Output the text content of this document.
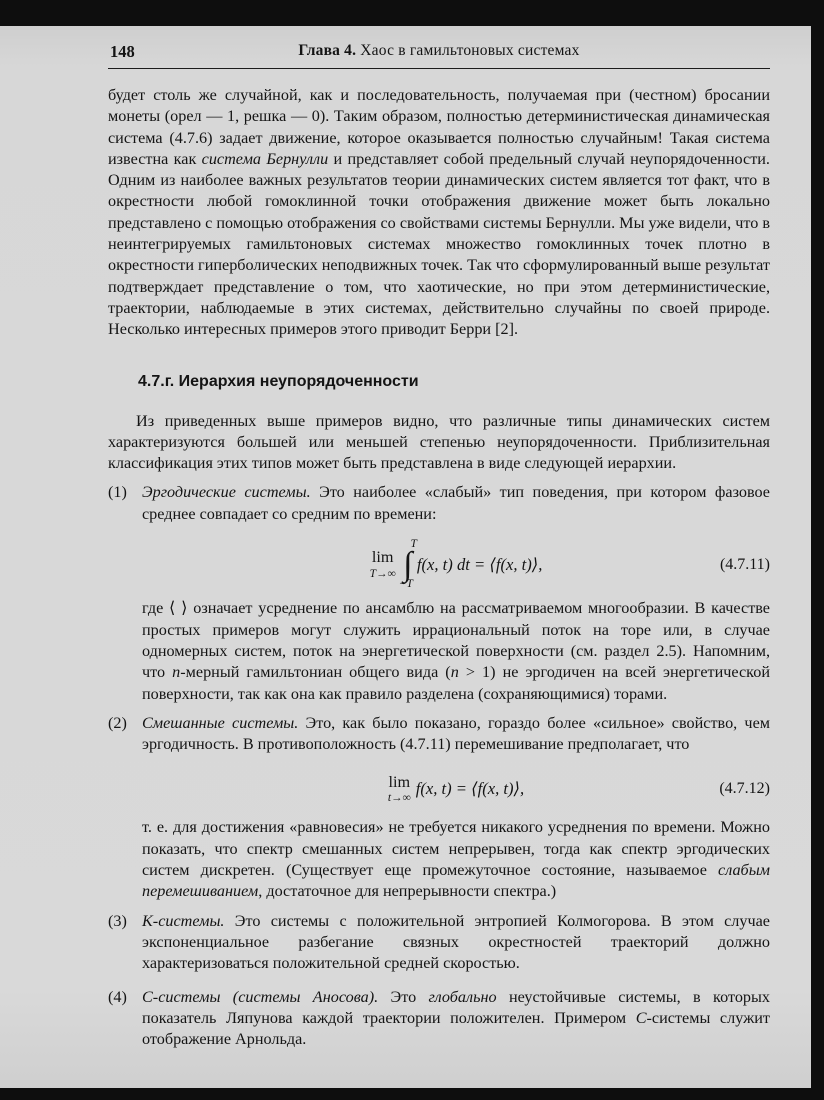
148	Глава 4. Хаос в гамильтоновых системах

будет столь же случайной, как и последовательность, получаемая при (честном) бросании монеты (орел — 1, решка — 0). Таким образом, полностью детерминистическая динамическая система (4.7.6) задает движение, которое оказывается полностью случайным! Такая система известна как система Бернулли и представляет собой предельный случай неупорядоченности. Одним из наиболее важных результатов теории динамических систем является тот факт, что в окрестности любой гомоклинной точки отображения движение может быть локально представлено с помощью отображения со свойствами системы Бернулли. Мы уже видели, что в неинтегрируемых гамильтоновых системах множество гомоклинных точек плотно в окрестности гиперболических неподвижных точек. Так что сформулированный выше результат подтверждает представление о том, что хаотические, но при этом детерминистические, траектории, наблюдаемые в этих системах, действительно случайны по своей природе. Несколько интересных примеров этого приводит Берри [2].

4.7.г. Иерархия неупорядоченности

Из приведенных выше примеров видно, что различные типы динамических систем характеризуются большей или меньшей степенью неупорядоченности. Приблизительная классификация этих типов может быть представлена в виде следующей иерархии.

(1) Эргодические системы. Это наиболее «слабый» тип поведения, при котором фазовое среднее совпадает со средним по времени:

lim
T→∞
T
∫
−T
f(x, t) dt = ⟨f(x, t)⟩,	(4.7.11)

где ⟨ ⟩ означает усреднение по ансамблю на рассматриваемом многообразии. В качестве простых примеров могут служить иррациональный поток на торе или, в случае одномерных систем, поток на энергетической поверхности (см. раздел 2.5). Напомним, что n-мерный гамильтониан общего вида (n > 1) не эргодичен на всей энергетической поверхности, так как она как правило разделена (сохраняющимися) торами.

(2) Смешанные системы. Это, как было показано, гораздо более «сильное» свойство, чем эргодичность. В противоположность (4.7.11) перемешивание предполагает, что

lim
t→∞ f(x, t) = ⟨f(x, t)⟩,	(4.7.12)

т. е. для достижения «равновесия» не требуется никакого усреднения по времени. Можно показать, что спектр смешанных систем непрерывен, тогда как спектр эргодических систем дискретен. (Существует еще промежуточное состояние, называемое слабым перемешиванием, достаточное для непрерывности спектра.)

(3) K-системы. Это системы с положительной энтропией Колмогорова. В этом случае экспоненциальное разбегание связных окрестностей траекторий должно характеризоваться положительной средней скоростью.

(4) C-системы (системы Аносова). Это глобально неустойчивые системы, в которых показатель Ляпунова каждой траектории положителен. Примером C-системы служит отображение Арнольда.
